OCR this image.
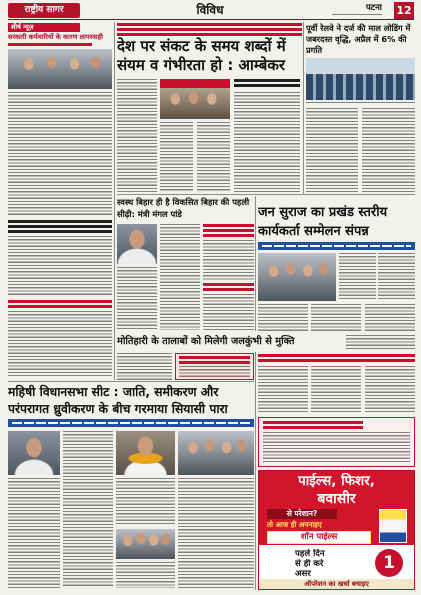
राष्ट्रीय सागर	विविध	पटना 12
शीर्ष न्यूज़
सरकारी कर्मचारियों के कारण लापरवाही देश पर संकट के समय शब्दों में
संयम व गंभीरता हो : आम्बेकर
पूर्वी रेलवे ने दर्ज की माल लोडिंग में जबरदस्त वृद्धि, अप्रैल में 6% की प्रगति
स्वस्थ बिहार ही है विकसित बिहार की पहली सीढ़ी: मंत्री मंगल पांडे	जन सुराज का प्रखंड स्तरीय
कार्यकर्ता सम्मेलन संपन्न
मोतिहारी के तालाबों को मिलेगी जलकुंभी से मुक्ति
पाईल्स, फिशर,
बवासीर
से परेशान?
तो आज ही अपनाइए
शॉन पाईल्स
पहले दिन
से ही करे
असर
1
ऑपरेशन का खर्चा बचाइए
महिषी विधानसभा सीट : जाति, समीकरण और
परंपरागत ध्रुवीकरण के बीच गरमाया सियासी पारा
